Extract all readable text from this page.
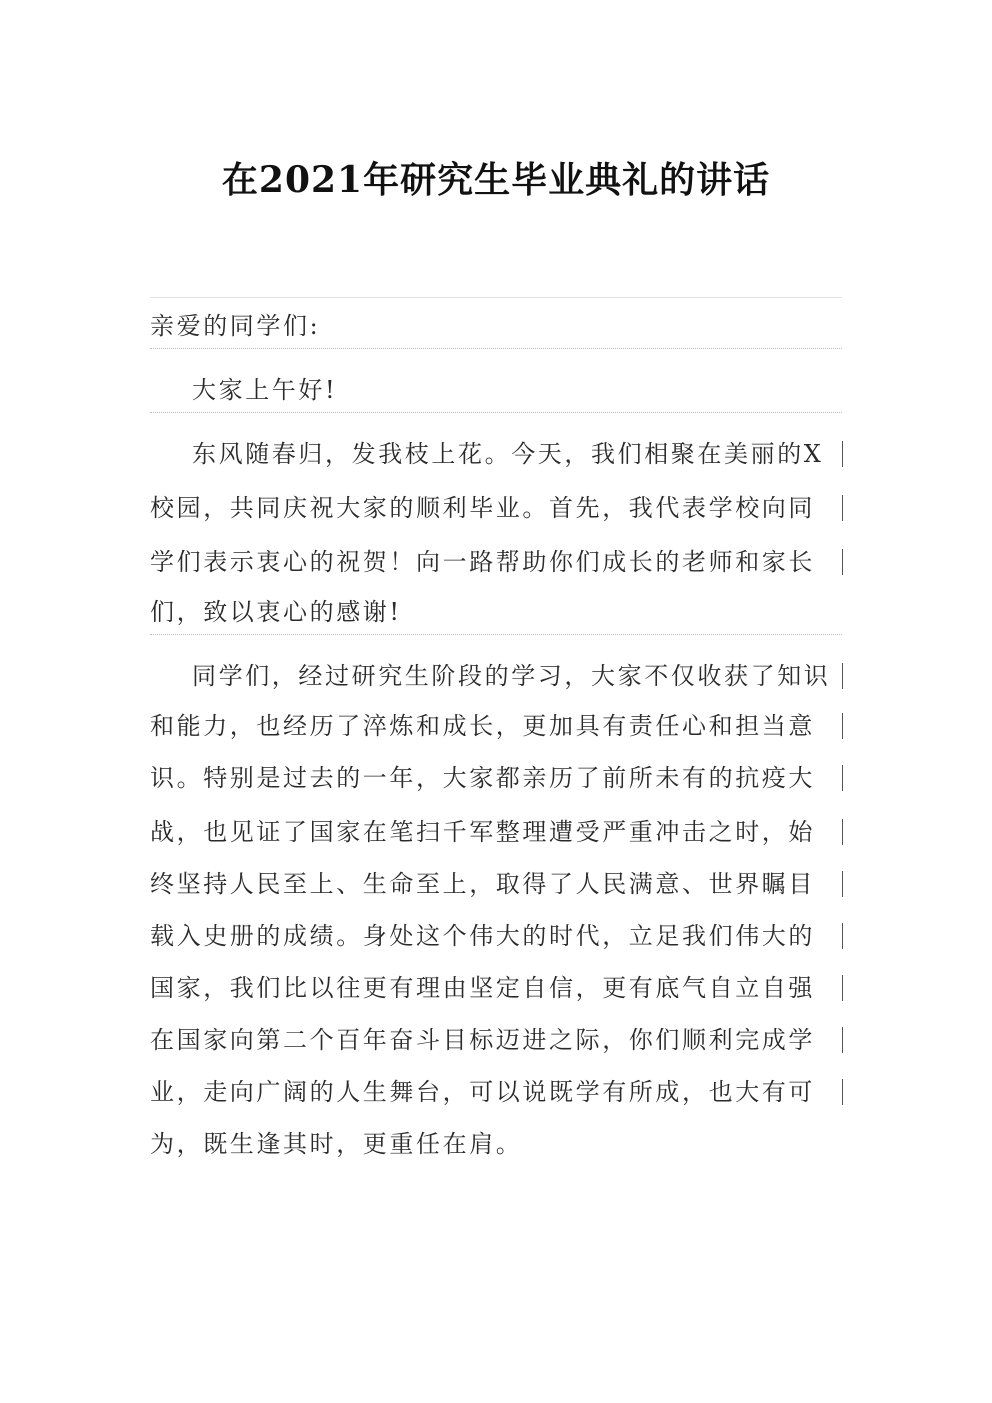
在2021年研究生毕业典礼的讲话
亲爱的同学们:
大家上午好!
东风随春归，发我枝上花。今天，我们相聚在美丽的X
校园，共同庆祝大家的顺利毕业。首先，我代表学校向同
学们表示衷心的祝贺！向一路帮助你们成长的老师和家长
们，致以衷心的感谢!
同学们，经过研究生阶段的学习，大家不仅收获了知识
和能力，也经历了淬炼和成长，更加具有责任心和担当意
识。特别是过去的一年，大家都亲历了前所未有的抗疫大
战，也见证了国家在笔扫千军整理遭受严重冲击之时，始
终坚持人民至上、生命至上，取得了人民满意、世界瞩目
载入史册的成绩。身处这个伟大的时代，立足我们伟大的
国家，我们比以往更有理由坚定自信，更有底气自立自强
在国家向第二个百年奋斗目标迈进之际，你们顺利完成学
业，走向广阔的人生舞台，可以说既学有所成，也大有可
为，既生逢其时，更重任在肩。
